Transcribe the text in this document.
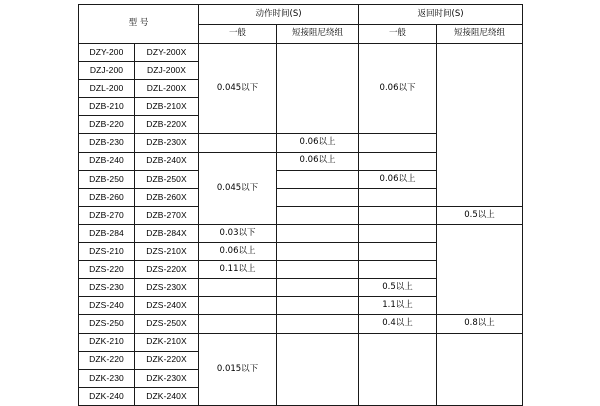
型 号		动作时间(S)		返回时间(S)	
		一般	短接阻尼绕组	一般	短接阻尼绕组
DZY-200	DZY-200X	0.045以下		0.06以下	
DZJ-200	DZJ-200X				
DZL-200	DZL-200X				
DZB-210	DZB-210X				
DZB-220	DZB-220X				
DZB-230	DZB-230X		0.06以上		
DZB-240	DZB-240X	0.045以下	0.06以上		
DZB-250	DZB-250X			0.06以上	
DZB-260	DZB-260X				
DZB-270	DZB-270X				0.5以上
DZB-284	DZB-284X	0.03以下			
DZS-210	DZS-210X	0.06以上			
DZS-220	DZS-220X	0.11以上			
DZS-230	DZS-230X			0.5以上	
DZS-240	DZS-240X			1.1以上	
DZS-250	DZS-250X			0.4以上	0.8以上
DZK-210	DZK-210X	0.015以下			
DZK-220	DZK-220X				
DZK-230	DZK-230X				
DZK-240	DZK-240X				
